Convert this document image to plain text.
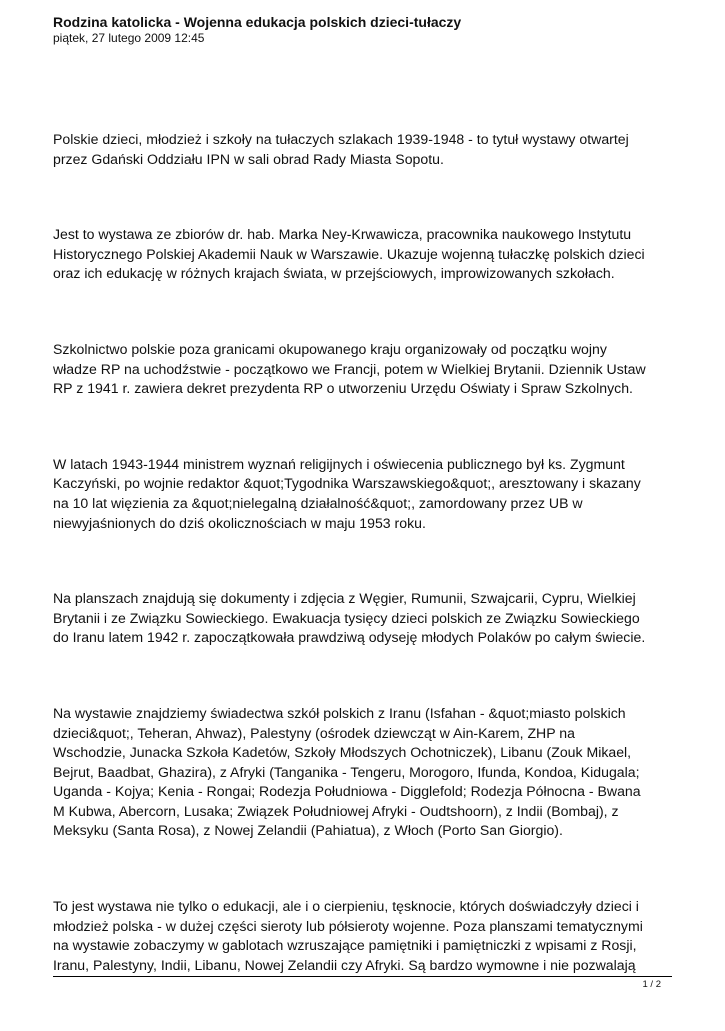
Rodzina katolicka - Wojenna edukacja polskich dzieci-tułaczy

piątek, 27 lutego 2009 12:45

Polskie dzieci, młodzież i szkoły na tułaczych szlakach 1939-1948 - to tytuł wystawy otwartej
przez Gdański Oddziału IPN w sali obrad Rady Miasta Sopotu.

Jest to wystawa ze zbiorów dr. hab. Marka Ney-Krwawicza, pracownika naukowego Instytutu
Historycznego Polskiej Akademii Nauk w Warszawie. Ukazuje wojenną tułaczkę polskich dzieci
oraz ich edukację w różnych krajach świata, w przejściowych, improwizowanych szkołach.

Szkolnictwo polskie poza granicami okupowanego kraju organizowały od początku wojny
władze RP na uchodźstwie - początkowo we Francji, potem w Wielkiej Brytanii. Dziennik Ustaw
RP z 1941 r. zawiera dekret prezydenta RP o utworzeniu Urzędu Oświaty i Spraw Szkolnych.

W latach 1943-1944 ministrem wyznań religijnych i oświecenia publicznego był ks. Zygmunt
Kaczyński, po wojnie redaktor &quot;Tygodnika Warszawskiego&quot;, aresztowany i skazany
na 10 lat więzienia za &quot;nielegalną działalność&quot;, zamordowany przez UB w
niewyjaśnionych do dziś okolicznościach w maju 1953 roku.

Na planszach znajdują się dokumenty i zdjęcia z Węgier, Rumunii, Szwajcarii, Cypru, Wielkiej
Brytanii i ze Związku Sowieckiego. Ewakuacja tysięcy dzieci polskich ze Związku Sowieckiego
do Iranu latem 1942 r. zapoczątkowała prawdziwą odyseję młodych Polaków po całym świecie.

Na wystawie znajdziemy świadectwa szkół polskich z Iranu (Isfahan - &quot;miasto polskich
dzieci&quot;, Teheran, Ahwaz), Palestyny (ośrodek dziewcząt w Ain-Karem, ZHP na
Wschodzie, Junacka Szkoła Kadetów, Szkoły Młodszych Ochotniczek), Libanu (Zouk Mikael,
Bejrut, Baadbat, Ghazira), z Afryki (Tanganika - Tengeru, Morogoro, Ifunda, Kondoa, Kidugala;
Uganda - Kojya; Kenia - Rongai; Rodezja Południowa - Digglefold; Rodezja Północna - Bwana
M Kubwa, Abercorn, Lusaka; Związek Południowej Afryki - Oudtshoorn), z Indii (Bombaj), z
Meksyku (Santa Rosa), z Nowej Zelandii (Pahiatua), z Włoch (Porto San Giorgio).

To jest wystawa nie tylko o edukacji, ale i o cierpieniu, tęsknocie, których doświadczyły dzieci i
młodzież polska - w dużej części sieroty lub półsieroty wojenne. Poza planszami tematycznymi
na wystawie zobaczymy w gablotach wzruszające pamiętniki i pamiętniczki z wpisami z Rosji,
Iranu, Palestyny, Indii, Libanu, Nowej Zelandii czy Afryki. Są bardzo wymowne i nie pozwalają

1 / 2
